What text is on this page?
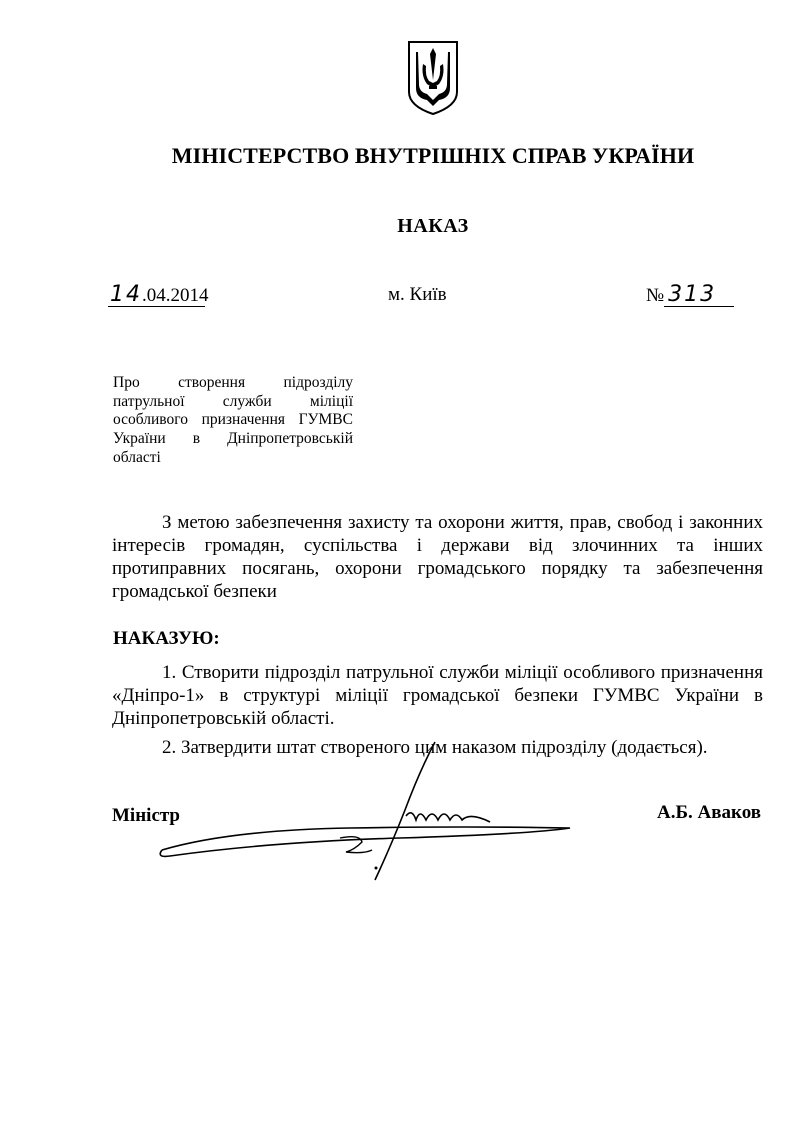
МІНІСТЕРСТВО ВНУТРІШНІХ СПРАВ УКРАЇНИ
НАКАЗ
14.04.2014	м. Київ	№ 313
Про створення підрозділу патрульної служби міліції особливого призначення ГУМВС України в Дніпропетровській області
З метою забезпечення захисту та охорони життя, прав, свобод і законних інтересів громадян, суспільства і держави від злочинних та інших протиправних посягань, охорони громадського порядку та забезпечення громадської безпеки
НАКАЗУЮ:
1. Створити підрозділ патрульної служби міліції особливого призначення «Дніпро-1» в структурі міліції громадської безпеки ГУМВС України в Дніпропетровській області.
2. Затвердити штат створеного цим наказом підрозділу (додається).
Міністр	А.Б. Аваков
